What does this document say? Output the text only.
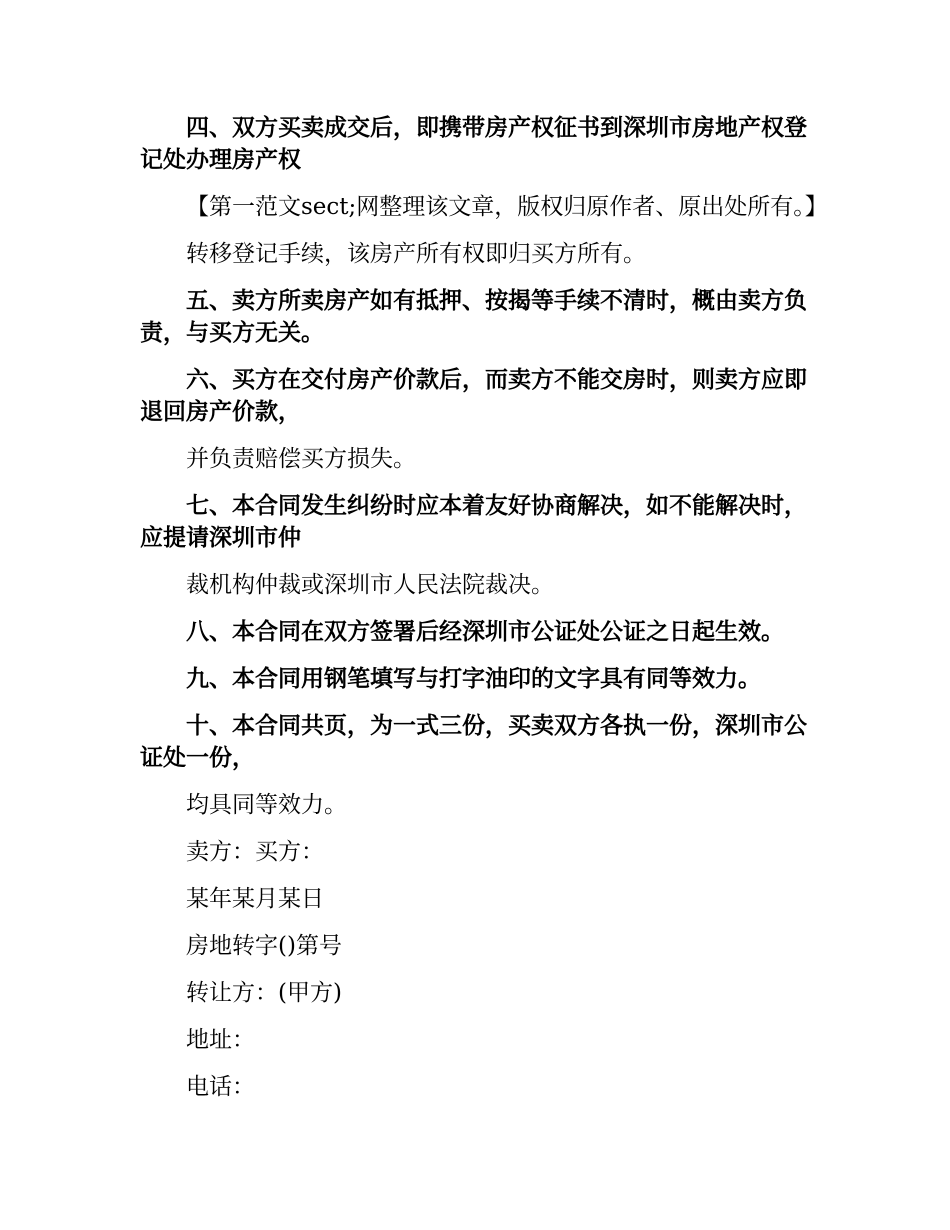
四、双方买卖成交后，即携带房产权征书到深圳市房地产权登记处办理房产权

【第一范文sect;网整理该文章，版权归原作者、原出处所有。】

转移登记手续，该房产所有权即归买方所有。

五、卖方所卖房产如有抵押、按揭等手续不清时，概由卖方负责，与买方无关。

六、买方在交付房产价款后，而卖方不能交房时，则卖方应即退回房产价款，

并负责赔偿买方损失。

七、本合同发生纠纷时应本着友好协商解决，如不能解决时，应提请深圳市仲

裁机构仲裁或深圳市人民法院裁决。

八、本合同在双方签署后经深圳市公证处公证之日起生效。

九、本合同用钢笔填写与打字油印的文字具有同等效力。

十、本合同共页，为一式三份，买卖双方各执一份，深圳市公证处一份，

均具同等效力。

卖方：买方：

某年某月某日

房地转字()第号

转让方：(甲方)

地址：

电话：
